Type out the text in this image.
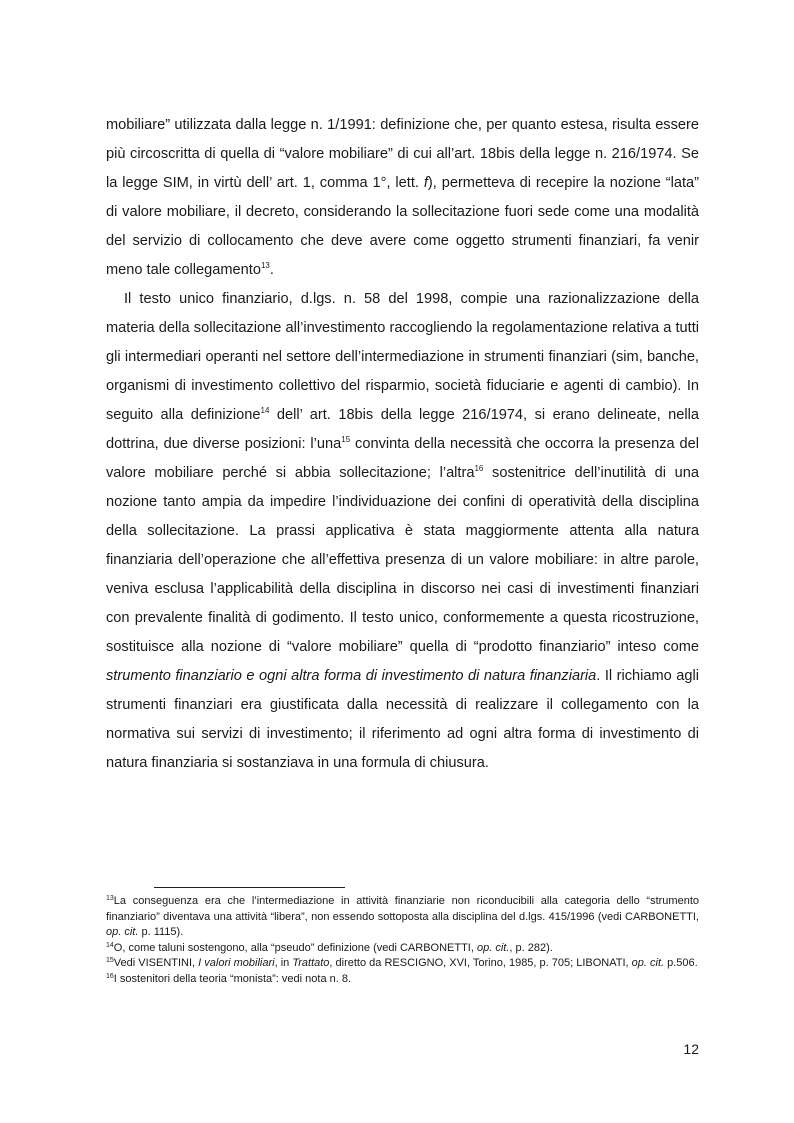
mobiliare” utilizzata dalla legge n. 1/1991: definizione che, per quanto estesa, risulta essere più circoscritta di quella di “valore mobiliare” di cui all’art. 18bis della legge n. 216/1974. Se la legge SIM, in virtù dell’ art. 1, comma 1°, lett. f), permetteva di recepire la nozione “lata” di valore mobiliare, il decreto, considerando la sollecitazione fuori sede come una modalità del servizio di collocamento che deve avere come oggetto strumenti finanziari, fa venir meno tale collegamento$^{13}$.

Il testo unico finanziario, d.lgs. n. 58 del 1998, compie una razionalizzazione della materia della sollecitazione all’investimento raccogliendo la regolamentazione relativa a tutti gli intermediari operanti nel settore dell’intermediazione in strumenti finanziari (sim, banche, organismi di investimento collettivo del risparmio, società fiduciarie e agenti di cambio). In seguito alla definizione$^{14}$ dell’ art. 18bis della legge 216/1974, si erano delineate, nella dottrina, due diverse posizioni: l’una$^{15}$ convinta della necessità che occorra la presenza del valore mobiliare perché si abbia sollecitazione; l’altra$^{16}$ sostenitrice dell’inutilità di una nozione tanto ampia da impedire l’individuazione dei confini di operatività della disciplina della sollecitazione. La prassi applicativa è stata maggiormente attenta alla natura finanziaria dell’operazione che all’effettiva presenza di un valore mobiliare: in altre parole, veniva esclusa l’applicabilità della disciplina in discorso nei casi di investimenti finanziari con prevalente finalità di godimento. Il testo unico, conformemente a questa ricostruzione, sostituisce alla nozione di “valore mobiliare” quella di “prodotto finanziario” inteso come strumento finanziario e ogni altra forma di investimento di natura finanziaria. Il richiamo agli strumenti finanziari era giustificata dalla necessità di realizzare il collegamento con la normativa sui servizi di investimento; il riferimento ad ogni altra forma di investimento di natura finanziaria si sostanziava in una formula di chiusura.

$^{13}$La conseguenza era che l’intermediazione in attività finanziarie non riconducibili alla categoria dello “strumento finanziario” diventava una attività “libera”, non essendo sottoposta alla disciplina del d.lgs. 415/1996 (vedi CARBONETTI, op. cit. p. 1115).

$^{14}$O, come taluni sostengono, alla “pseudo” definizione (vedi CARBONETTI, op. cit., p. 282).

$^{15}$Vedi VISENTINI, I valori mobiliari, in Trattato, diretto da RESCIGNO, XVI, Torino, 1985, p. 705; LIBONATI, op. cit. p.506.

$^{16}$I sostenitori della teoria “monista”: vedi nota n. 8.

12
